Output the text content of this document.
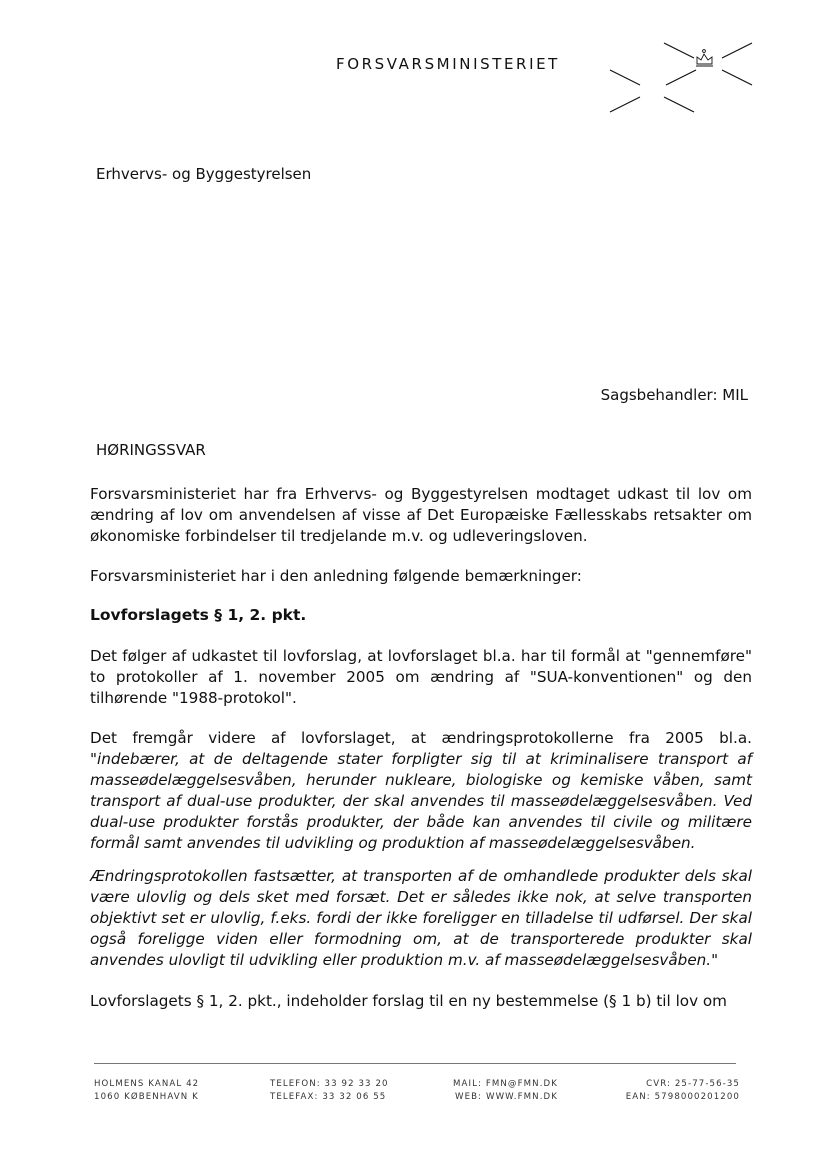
FORSVARSMINISTERIET
Erhvervs- og Byggestyrelsen
Sagsbehandler: MIL
HØRINGSSVAR

Forsvarsministeriet har fra Erhvervs- og Byggestyrelsen modtaget udkast til lov om ændring af lov om anvendelsen af visse af Det Europæiske Fællesskabs retsakter om økonomiske forbindelser til tredjelande m.v. og udleveringsloven.

Forsvarsministeriet har i den anledning følgende bemærkninger:

Lovforslagets § 1, 2. pkt.

Det følger af udkastet til lovforslag, at lovforslaget bl.a. har til formål at "gennemføre" to protokoller af 1. november 2005 om ændring af "SUA-konventionen" og den tilhørende "1988-protokol".

Det fremgår videre af lovforslaget, at ændringsprotokollerne fra 2005 bl.a. "indebærer, at de deltagende stater forpligter sig til at kriminalisere transport af masseødelæggelsesvåben, herunder nukleare, biologiske og kemiske våben, samt transport af dual-use produkter, der skal anvendes til masseødelæggelsesvåben. Ved dual-use produkter forstås produkter, der både kan anvendes til civile og militære formål samt anvendes til udvikling og produktion af masseødelæggelsesvåben.

Ændringsprotokollen fastsætter, at transporten af de omhandlede produkter dels skal være ulovlig og dels sket med forsæt. Det er således ikke nok, at selve transporten objektivt set er ulovlig, f.eks. fordi der ikke foreligger en tilladelse til udførsel. Der skal også foreligge viden eller formodning om, at de transporterede produkter skal anvendes ulovligt til udvikling eller produktion m.v. af masseødelæggelsesvåben."

Lovforslagets § 1, 2. pkt., indeholder forslag til en ny bestemmelse (§ 1 b) til lov om

HOLMENS KANAL 42
1060 KØBENHAVN K
TELEFON: 33 92 33 20
TELEFAX: 33 32 06 55
MAIL: FMN@FMN.DK
WEB: WWW.FMN.DK
CVR: 25-77-56-35
EAN: 5798000201200
